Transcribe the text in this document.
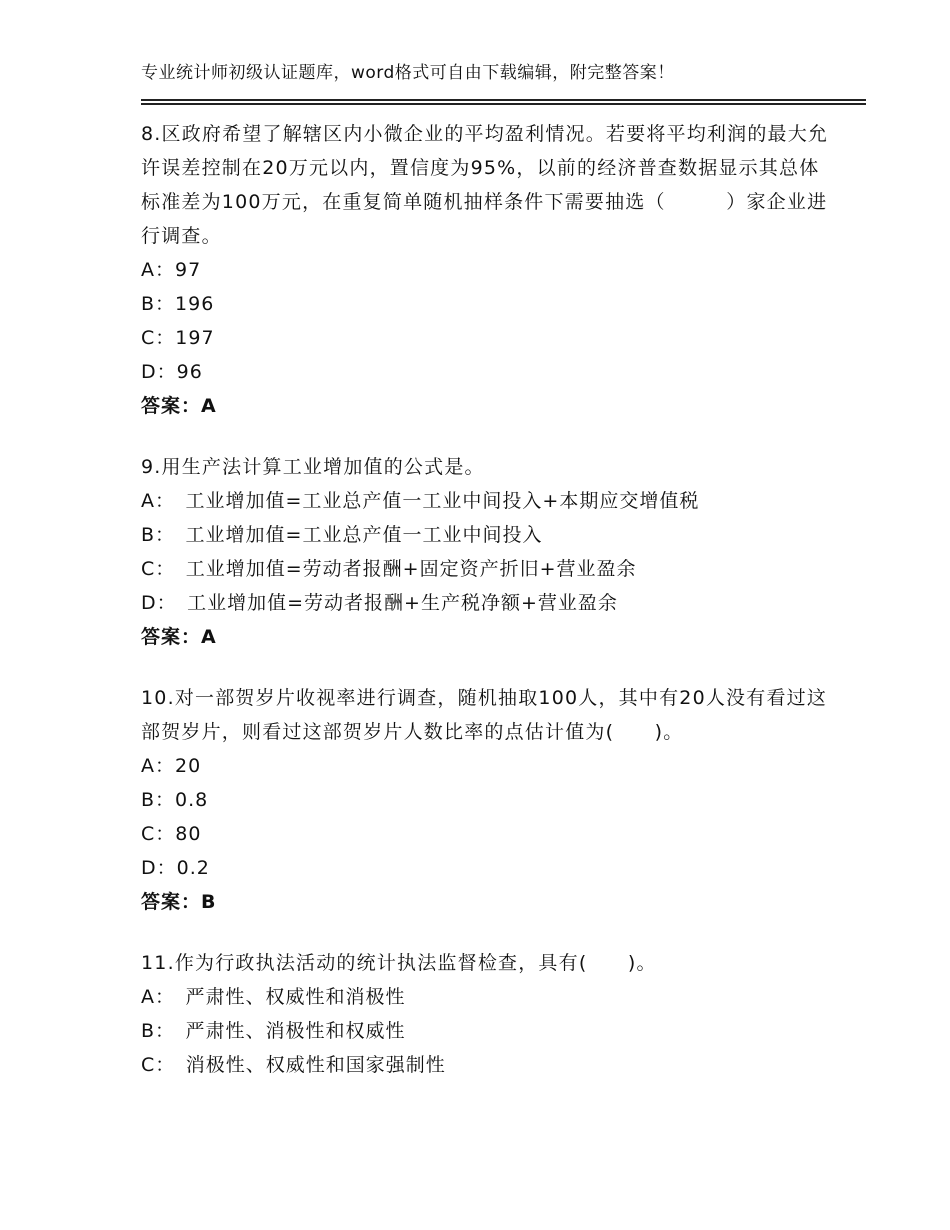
专业统计师初级认证题库，word格式可自由下载编辑，附完整答案！

8.区政府希望了解辖区内小微企业的平均盈利情况。若要将平均利润的最大允许误差控制在20万元以内，置信度为95%，以前的经济普查数据显示其总体标准差为100万元，在重复简单随机抽样条件下需要抽选（　　　）家企业进行调查。

A：97

B：196

C：197

D：96

答案：A

9.用生产法计算工业增加值的公式是。

A：　工业增加值=工业总产值一工业中间投入+本期应交增值税

B：　工业增加值=工业总产值一工业中间投入

C：　工业增加值=劳动者报酬+固定资产折旧+营业盈余

D：　工业增加值=劳动者报酬+生产税净额+营业盈余

答案：A

10.对一部贺岁片收视率进行调查，随机抽取100人，其中有20人没有看过这部贺岁片，则看过这部贺岁片人数比率的点估计值为(　　)。

A：20

B：0.8

C：80

D：0.2

答案：B

11.作为行政执法活动的统计执法监督检查，具有(　　)。

A：　严肃性、权威性和消极性

B：　严肃性、消极性和权威性

C：　消极性、权威性和国家强制性
